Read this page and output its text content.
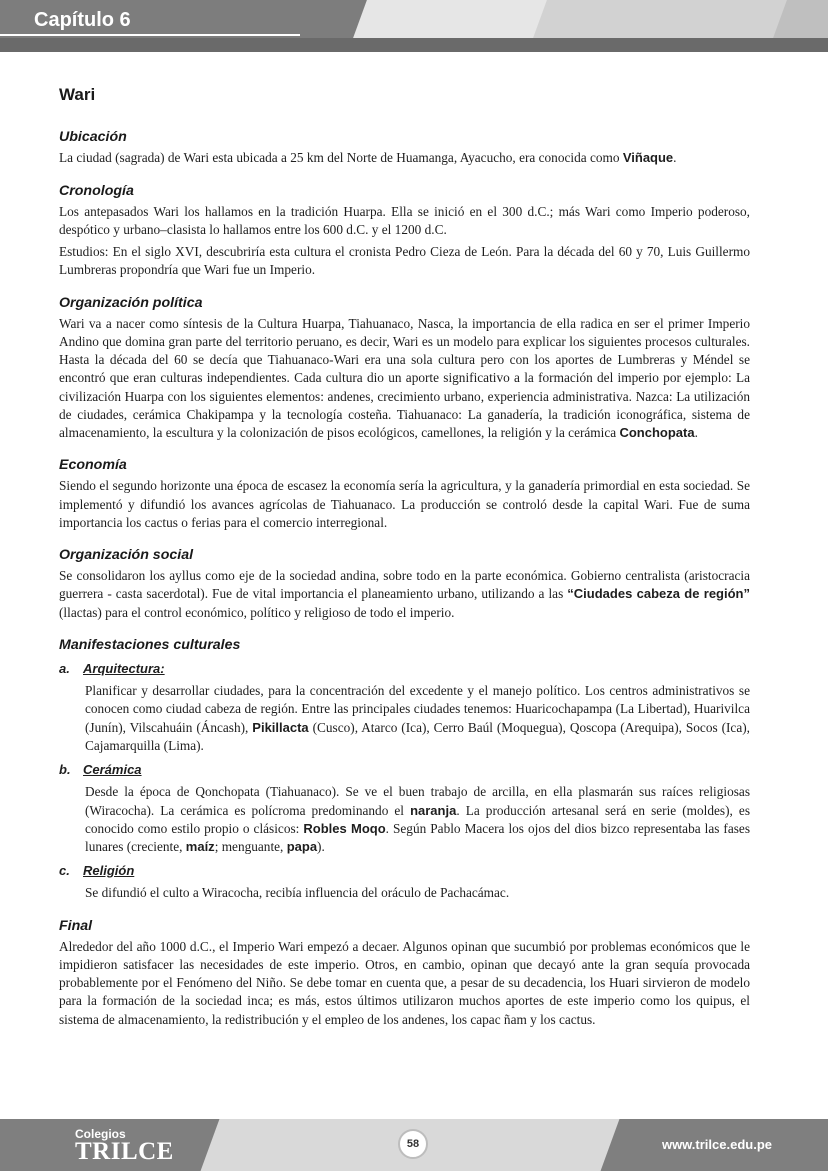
Capítulo 6
Wari
Ubicación

La ciudad (sagrada) de Wari esta ubicada a 25 km del Norte de Huamanga, Ayacucho, era conocida como Viñaque.

Cronología

Los antepasados Wari los hallamos en la tradición Huarpa. Ella se inició en el 300 d.C.; más Wari como Imperio poderoso, despótico y urbano–clasista lo hallamos entre los 600 d.C. y el 1200 d.C.

Estudios: En el siglo XVI, descubriría esta cultura el cronista Pedro Cieza de León. Para la década del 60 y 70, Luis Guillermo Lumbreras propondría que Wari fue un Imperio.

Organización política

Wari va a nacer como síntesis de la Cultura Huarpa, Tiahuanaco, Nasca, la importancia de ella radica en ser el primer Imperio Andino que domina gran parte del territorio peruano, es decir, Wari es un modelo para explicar los siguientes procesos culturales. Hasta la década del 60 se decía que Tiahuanaco-Wari era una sola cultura pero con los aportes de Lumbreras y Méndel se encontró que eran culturas independientes. Cada cultura dio un aporte significativo a la formación del imperio por ejemplo: La civilización Huarpa con los siguientes elementos: andenes, crecimiento urbano, experiencia administrativa. Nazca: La utilización de ciudades, cerámica Chakipampa y la tecnología costeña. Tiahuanaco: La ganadería, la tradición iconográfica, sistema de almacenamiento, la escultura y la colonización de pisos ecológicos, camellones, la religión y la cerámica Conchopata.

Economía

Siendo el segundo horizonte una época de escasez la economía sería la agricultura, y la ganadería primordial en esta sociedad. Se implementó y difundió los avances agrícolas de Tiahuanaco. La producción se controló desde la capital Wari. Fue de suma importancia los cactus o ferias para el comercio interregional.

Organización social

Se consolidaron los ayllus como eje de la sociedad andina, sobre todo en la parte económica. Gobierno centralista (aristocracia guerrera - casta sacerdotal). Fue de vital importancia el planeamiento urbano, utilizando a las “Ciudades cabeza de región” (llactas) para el control económico, político y religioso de todo el imperio.

Manifestaciones culturales
a.	Arquitectura:

Planificar y desarrollar ciudades, para la concentración del excedente y el manejo político. Los centros administrativos se conocen como ciudad cabeza de región. Entre las principales ciudades tenemos: Huaricochapampa (La Libertad), Huarivilca (Junín), Vilscahuáin (Áncash), Pikillacta (Cusco), Atarco (Ica), Cerro Baúl (Moquegua), Qoscopa (Arequipa), Socos (Ica), Cajamarquilla (Lima).

b. Cerámica

Desde la época de Qonchopata (Tiahuanaco). Se ve el buen trabajo de arcilla, en ella plasmarán sus raíces religiosas (Wiracocha). La cerámica es polícroma predominando el naranja. La producción artesanal será en serie (moldes), es conocido como estilo propio o clásicos: Robles Moqo. Según Pablo Macera los ojos del dios bizco representaba las fases lunares (creciente, maíz; menguante, papa).

c.	Religión

Se difundió el culto a Wiracocha, recibía influencia del oráculo de Pachacámac.

Final

Alrededor del año 1000 d.C., el Imperio Wari empezó a decaer. Algunos opinan que sucumbió por problemas económicos que le impidieron satisfacer las necesidades de este imperio. Otros, en cambio, opinan que decayó ante la gran sequía provocada probablemente por el Fenómeno del Niño. Se debe tomar en cuenta que, a pesar de su decadencia, los Huari sirvieron de modelo para la formación de la sociedad inca; es más, estos últimos utilizaron muchos aportes de este imperio como los quipus, el sistema de almacenamiento, la redistribución y el empleo de los andenes, los capac ñam y los cactus.

Colegios
TRILCE	58	www.trilce.edu.pe
